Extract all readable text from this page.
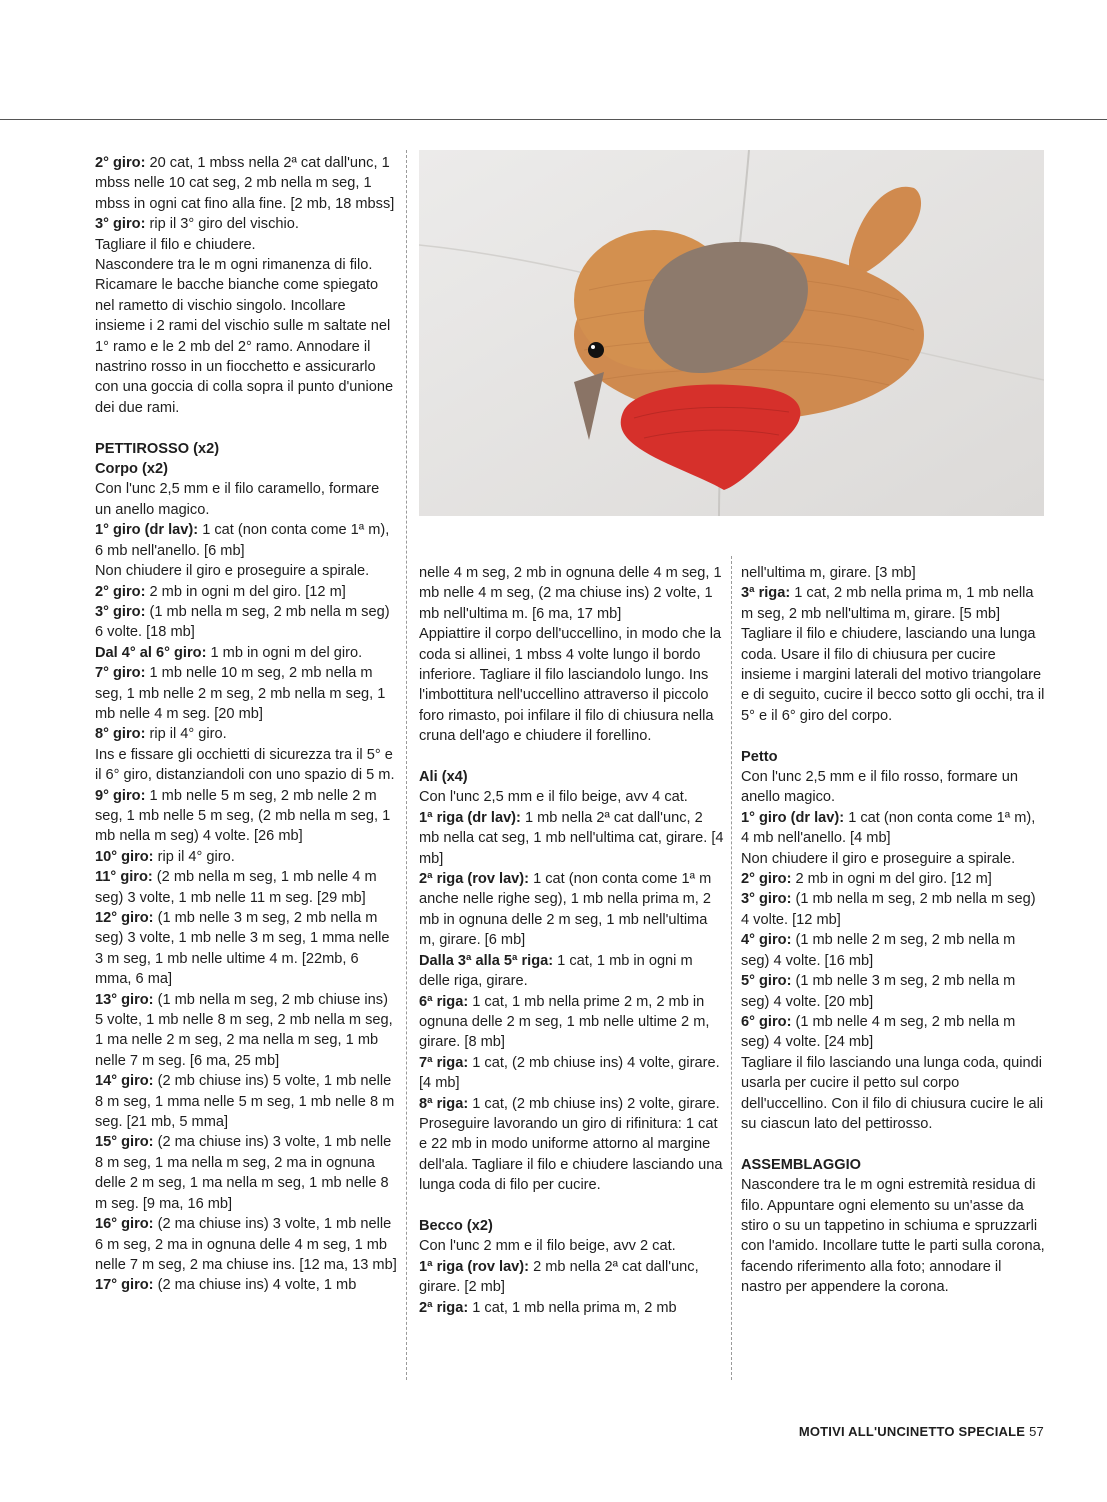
2° giro: 20 cat, 1 mbss nella 2ª cat dall'unc, 1 mbss nelle 10 cat seg, 2 mb nella m seg, 1 mbss in ogni cat fino alla fine. [2 mb, 18 mbss]

3° giro: rip il 3° giro del vischio.

Tagliare il filo e chiudere.

Nascondere tra le m ogni rimanenza di filo. Ricamare le bacche bianche come spiegato nel rametto di vischio singolo. Incollare insieme i 2 rami del vischio sulle m saltate nel 1° ramo e le 2 mb del 2° ramo. Annodare il nastrino rosso in un fiocchetto e assicurarlo con una goccia di colla sopra il punto d'unione dei due rami.

PETTIROSSO (x2)

Corpo (x2)

Con l'unc 2,5 mm e il filo caramello, formare un anello magico.

1° giro (dr lav): 1 cat (non conta come 1ª m), 6 mb nell'anello. [6 mb]

Non chiudere il giro e proseguire a spirale.

2° giro: 2 mb in ogni m del giro. [12 m]

3° giro: (1 mb nella m seg, 2 mb nella m seg) 6 volte. [18 mb]

Dal 4° al 6° giro: 1 mb in ogni m del giro.

7° giro: 1 mb nelle 10 m seg, 2 mb nella m seg, 1 mb nelle 2 m seg, 2 mb nella m seg, 1 mb nelle 4 m seg. [20 mb]

8° giro: rip il 4° giro.

Ins e fissare gli occhietti di sicurezza tra il 5° e il 6° giro, distanziandoli con uno spazio di 5 m.

9° giro: 1 mb nelle 5 m seg, 2 mb nelle 2 m seg, 1 mb nelle 5 m seg, (2 mb nella m seg, 1 mb nella m seg) 4 volte. [26 mb]

10° giro: rip il 4° giro.

11° giro: (2 mb nella m seg, 1 mb nelle 4 m seg) 3 volte, 1 mb nelle 11 m seg. [29 mb]

12° giro: (1 mb nelle 3 m seg, 2 mb nella m seg) 3 volte, 1 mb nelle 3 m seg, 1 mma nelle 3 m seg, 1 mb nelle ultime 4 m. [22mb, 6 mma, 6 ma]

13° giro: (1 mb nella m seg, 2 mb chiuse ins) 5 volte, 1 mb nelle 8 m seg, 2 mb nella m seg, 1 ma nelle 2 m seg, 2 ma nella m seg, 1 mb nelle 7 m seg. [6 ma, 25 mb]

14° giro: (2 mb chiuse ins) 5 volte, 1 mb nelle 8 m seg, 1 mma nelle 5 m seg, 1 mb nelle 8 m seg. [21 mb, 5 mma]

15° giro: (2 ma chiuse ins) 3 volte, 1 mb nelle 8 m seg, 1 ma nella m seg, 2 ma in ognuna delle 2 m seg, 1 ma nella m seg, 1 mb nelle 8 m seg. [9 ma, 16 mb]

16° giro: (2 ma chiuse ins) 3 volte, 1 mb nelle 6 m seg, 2 ma in ognuna delle 4 m seg, 1 mb nelle 7 m seg, 2 ma chiuse ins. [12 ma, 13 mb]

17° giro: (2 ma chiuse ins) 4 volte, 1 mb

nelle 4 m seg, 2 mb in ognuna delle 4 m seg, 1 mb nelle 4 m seg, (2 ma chiuse ins) 2 volte, 1 mb nell'ultima m. [6 ma, 17 mb]

Appiattire il corpo dell'uccellino, in modo che la coda si allinei, 1 mbss 4 volte lungo il bordo inferiore. Tagliare il filo lasciandolo lungo. Ins l'imbottitura nell'uccellino attraverso il piccolo foro rimasto, poi infilare il filo di chiusura nella cruna dell'ago e chiudere il forellino.

Ali (x4)

Con l'unc 2,5 mm e il filo beige, avv 4 cat.

1ª riga (dr lav): 1 mb nella 2ª cat dall'unc, 2 mb nella cat seg, 1 mb nell'ultima cat, girare. [4 mb]

2ª riga (rov lav): 1 cat (non conta come 1ª m anche nelle righe seg), 1 mb nella prima m, 2 mb in ognuna delle 2 m seg, 1 mb nell'ultima m, girare. [6 mb]

Dalla 3ª alla 5ª riga: 1 cat, 1 mb in ogni m delle riga, girare.

6ª riga: 1 cat, 1 mb nella prime 2 m, 2 mb in ognuna delle 2 m seg, 1 mb nelle ultime 2 m, girare. [8 mb]

7ª riga: 1 cat, (2 mb chiuse ins) 4 volte, girare. [4 mb]

8ª riga: 1 cat, (2 mb chiuse ins) 2 volte, girare.

Proseguire lavorando un giro di rifinitura: 1 cat e 22 mb in modo uniforme attorno al margine dell'ala. Tagliare il filo e chiudere lasciando una lunga coda di filo per cucire.

Becco (x2)

Con l'unc 2 mm e il filo beige, avv 2 cat.

1ª riga (rov lav): 2 mb nella 2ª cat dall'unc, girare. [2 mb]

2ª riga: 1 cat, 1 mb nella prima m, 2 mb

nell'ultima m, girare. [3 mb]

3ª riga: 1 cat, 2 mb nella prima m, 1 mb nella m seg, 2 mb nell'ultima m, girare. [5 mb]

Tagliare il filo e chiudere, lasciando una lunga coda. Usare il filo di chiusura per cucire insieme i margini laterali del motivo triangolare e di seguito, cucire il becco sotto gli occhi, tra il 5° e il 6° giro del corpo.

Petto

Con l'unc 2,5 mm e il filo rosso, formare un anello magico.

1° giro (dr lav): 1 cat (non conta come 1ª m), 4 mb nell'anello. [4 mb]

Non chiudere il giro e proseguire a spirale.

2° giro: 2 mb in ogni m del giro. [12 m]

3° giro: (1 mb nella m seg, 2 mb nella m seg) 4 volte. [12 mb]

4° giro: (1 mb nelle 2 m seg, 2 mb nella m seg) 4 volte. [16 mb]

5° giro: (1 mb nelle 3 m seg, 2 mb nella m seg) 4 volte. [20 mb]

6° giro: (1 mb nelle 4 m seg, 2 mb nella m seg) 4 volte. [24 mb]

Tagliare il filo lasciando una lunga coda, quindi usarla per cucire il petto sul corpo dell'uccellino. Con il filo di chiusura cucire le ali su ciascun lato del pettirosso.

ASSEMBLAGGIO

Nascondere tra le m ogni estremità residua di filo. Appuntare ogni elemento su un'asse da stiro o su un tappetino in schiuma e spruzzarli con l'amido. Incollare tutte le parti sulla corona, facendo riferimento alla foto; annodare il nastro per appendere la corona.

MOTIVI ALL'UNCINETTO SPECIALE 57
